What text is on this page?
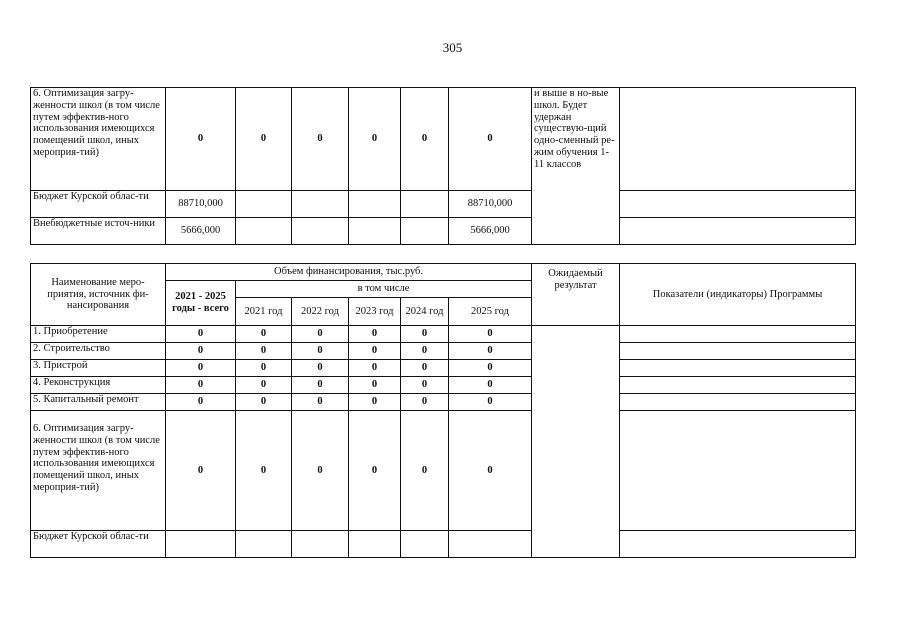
305
6. Оптимизация загру-женности школ (в том числе путем эффектив-ного использования имеющихся помещений школ, иных мероприя-тий)	0	0	0	0	0	0	и выше в но-вые школ. Будет удержан существую-щий одно-сменный ре-жим обучения 1-11 классов	
Бюджет Курской облас-ти	88710,000					88710,000		
Внебюджетные источ-ники	5666,000					5666,000		
Наименование меро-приятия, источник фи-нансирования	Объем финансирования, тыс.руб.						Ожидаемый результат	Показатели (индикаторы) Программы
	2021 - 2025 годы - всего	в том числе						
		2021 год	2022 год	2023 год	2024 год	2025 год		
1. Приобретение	0	0	0	0	0	0		
2. Строительство	0	0	0	0	0	0		
3. Пристрой	0	0	0	0	0	0		
4. Реконструкция	0	0	0	0	0	0		
5. Капитальный ремонт	0	0	0	0	0	0		
6. Оптимизация загру-женности школ (в том числе путем эффектив-ного использования имеющихся помещений школ, иных мероприя-тий)	0	0	0	0	0	0		
Бюджет Курской облас-ти								
